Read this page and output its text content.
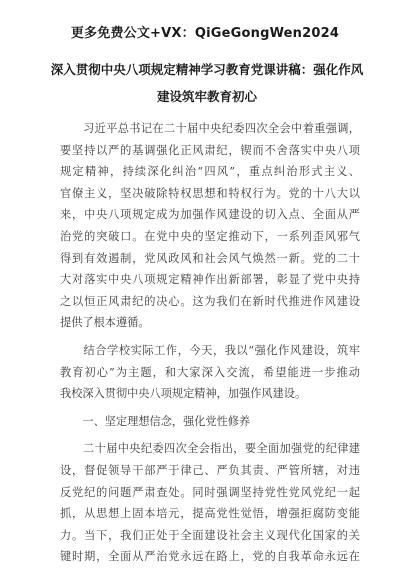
更多免费公文+VX：QiGeGongWen2024
深入贯彻中央八项规定精神学习教育党课讲稿：强化作风
建设筑牢教育初心
　　习近平总书记在二十届中央纪委四次全会中着重强调，
要坚持以严的基调强化正风肃纪，锲而不舍落实中央八项
规定精神，持续深化纠治“四风”，重点纠治形式主义、
官僚主义，坚决破除特权思想和特权行为。党的十八大以
来，中央八项规定成为加强作风建设的切入点、全面从严
治党的突破口。在党中央的坚定推动下，一系列歪风邪气
得到有效遏制，党风政风和社会风气焕然一新。党的二十
大对落实中央八项规定精神作出新部署，彰显了党中央持
之以恒正风肃纪的决心。这为我们在新时代推进作风建设
提供了根本遵循。
　　结合学校实际工作，今天，我以“强化作风建设，筑牢
教育初心”为主题，和大家深入交流，希望能进一步推动
我校深入贯彻中央八项规定精神，加强作风建设。
　　一、坚定理想信念，强化党性修养
　　二十届中央纪委四次全会指出，要全面加强党的纪律建
设，督促领导干部严于律己、严负其责、严管所辖，对违
反党纪的问题严肃查处。同时强调坚持党性党风党纪一起
抓，从思想上固本培元，提高党性觉悟，增强拒腐防变能
力。当下，我们正处于全面建设社会主义现代化国家的关
键时期，全面从严治党永远在路上，党的自我革命永远在
